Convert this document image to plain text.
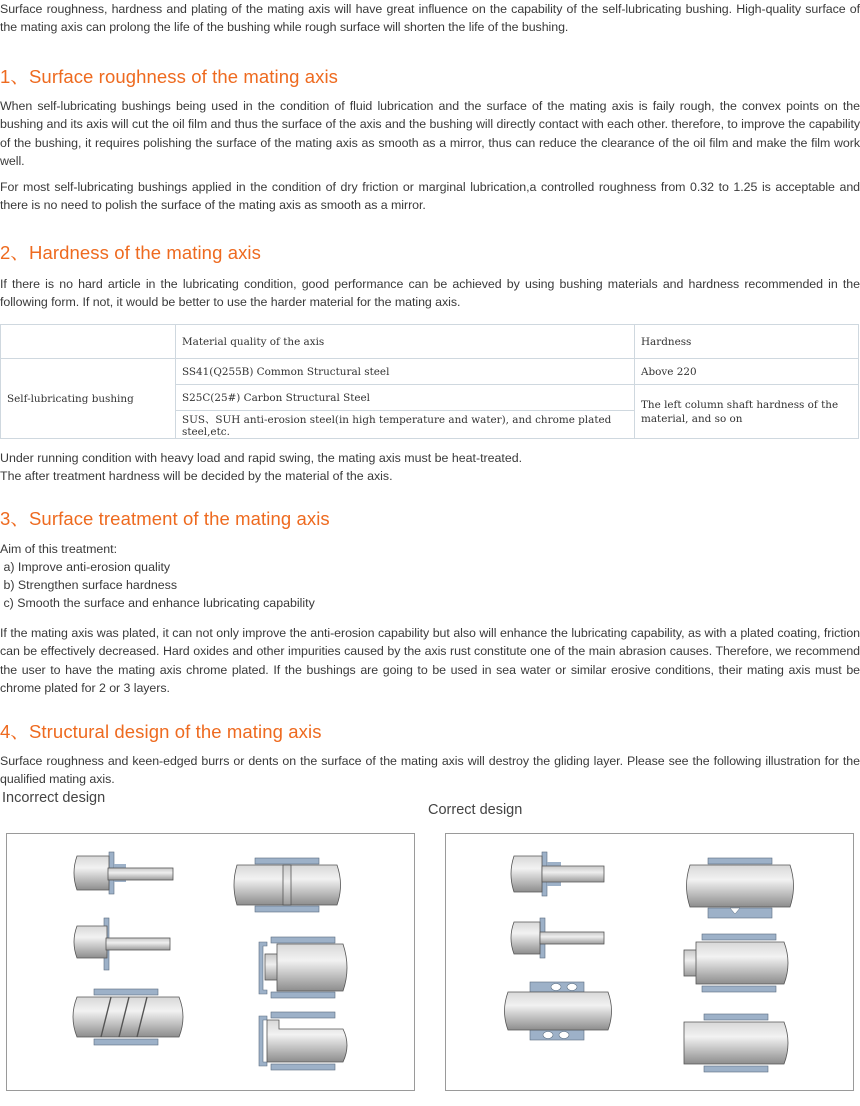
Surface roughness, hardness and plating of the mating axis will have great influence on the capability of the self-lubricating bushing. High-quality surface of the mating axis can prolong the life of the bushing while rough surface will shorten the life of the bushing.

1、Surface roughness of the mating axis

When self-lubricating bushings being used in the condition of fluid lubrication and the surface of the mating axis is faily rough, the convex points on the bushing and its axis will cut the oil film and thus the surface of the axis and the bushing will directly contact with each other. therefore, to improve the capability of the bushing, it requires polishing the surface of the mating axis as smooth as a mirror, thus can reduce the clearance of the oil film and make the film work well.

For most self-lubricating bushings applied in the condition of dry friction or marginal lubrication,a controlled roughness from 0.32 to 1.25 is acceptable and there is no need to polish the surface of the mating axis as smooth as a mirror.

2、Hardness of the mating axis

If there is no hard article in the lubricating condition, good performance can be achieved by using bushing materials and hardness recommended in the following form. If not, it would be better to use the harder material for the mating axis.

	Material quality of the axis	Hardness
Self-lubricating bushing	SS41(Q255B) Common Structural steel	Above 220
	S25C(25#) Carbon Structural Steel	The left column shaft hardness of the material, and so on
	SUS、SUH anti-erosion steel(in high temperature and water), and chrome plated steel,etc.	
Under running condition with heavy load and rapid swing, the mating axis must be heat-treated.
The after treatment hardness will be decided by the material of the axis.
3、Surface treatment of the mating axis
Aim of this treatment:
a) Improve anti-erosion quality
b) Strengthen surface hardness
c) Smooth the surface and enhance lubricating capability

If the mating axis was plated, it can not only improve the anti-erosion capability but also will enhance the lubricating capability, as with a plated coating, friction can be effectively decreased. Hard oxides and other impurities caused by the axis rust constitute one of the main abrasion causes. Therefore, we recommend the user to have the mating axis chrome plated. If the bushings are going to be used in sea water or similar erosive conditions, their mating axis must be chrome plated for 2 or 3 layers.

4、Structural design of the mating axis

Surface roughness and keen-edged burrs or dents on the surface of the mating axis will destroy the gliding layer. Please see the following illustration for the qualified mating axis.

Incorrect design
Correct design
